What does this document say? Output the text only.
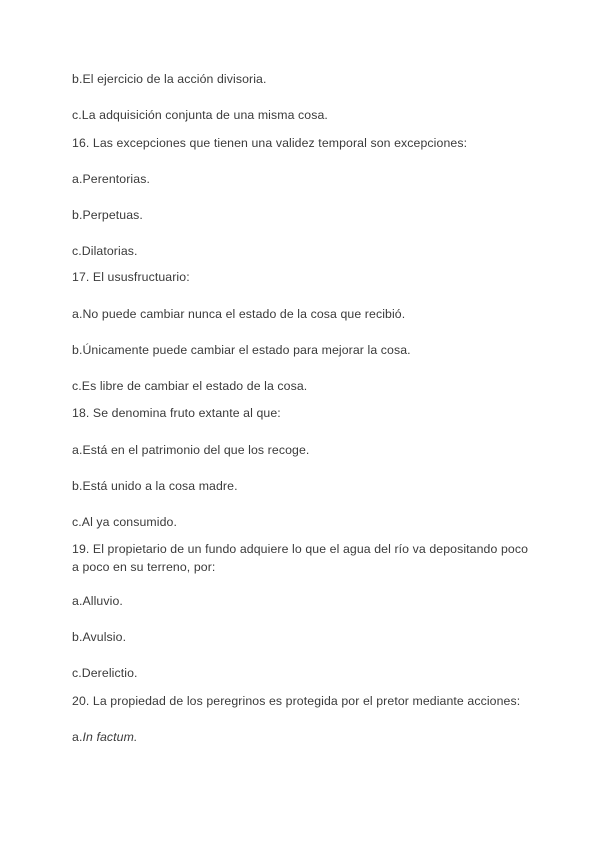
b.El ejercicio de la acción divisoria.
c.La adquisición conjunta de una misma cosa.
16. Las excepciones que tienen una validez temporal son excepciones:
a.Perentorias.
b.Perpetuas.
c.Dilatorias.
17. El ususfructuario:
a.No puede cambiar nunca el estado de la cosa que recibió.
b.Únicamente puede cambiar el estado para mejorar la cosa.
c.Es libre de cambiar el estado de la cosa.
18. Se denomina fruto extante al que:
a.Está en el patrimonio del que los recoge.
b.Está unido a la cosa madre.
c.Al ya consumido.
19. El propietario de un fundo adquiere lo que el agua del río va depositando poco a poco en su terreno, por:
a.Alluvio.
b.Avulsio.
c.Derelictio.
20. La propiedad de los peregrinos es protegida por el pretor mediante acciones:
a.In factum.
